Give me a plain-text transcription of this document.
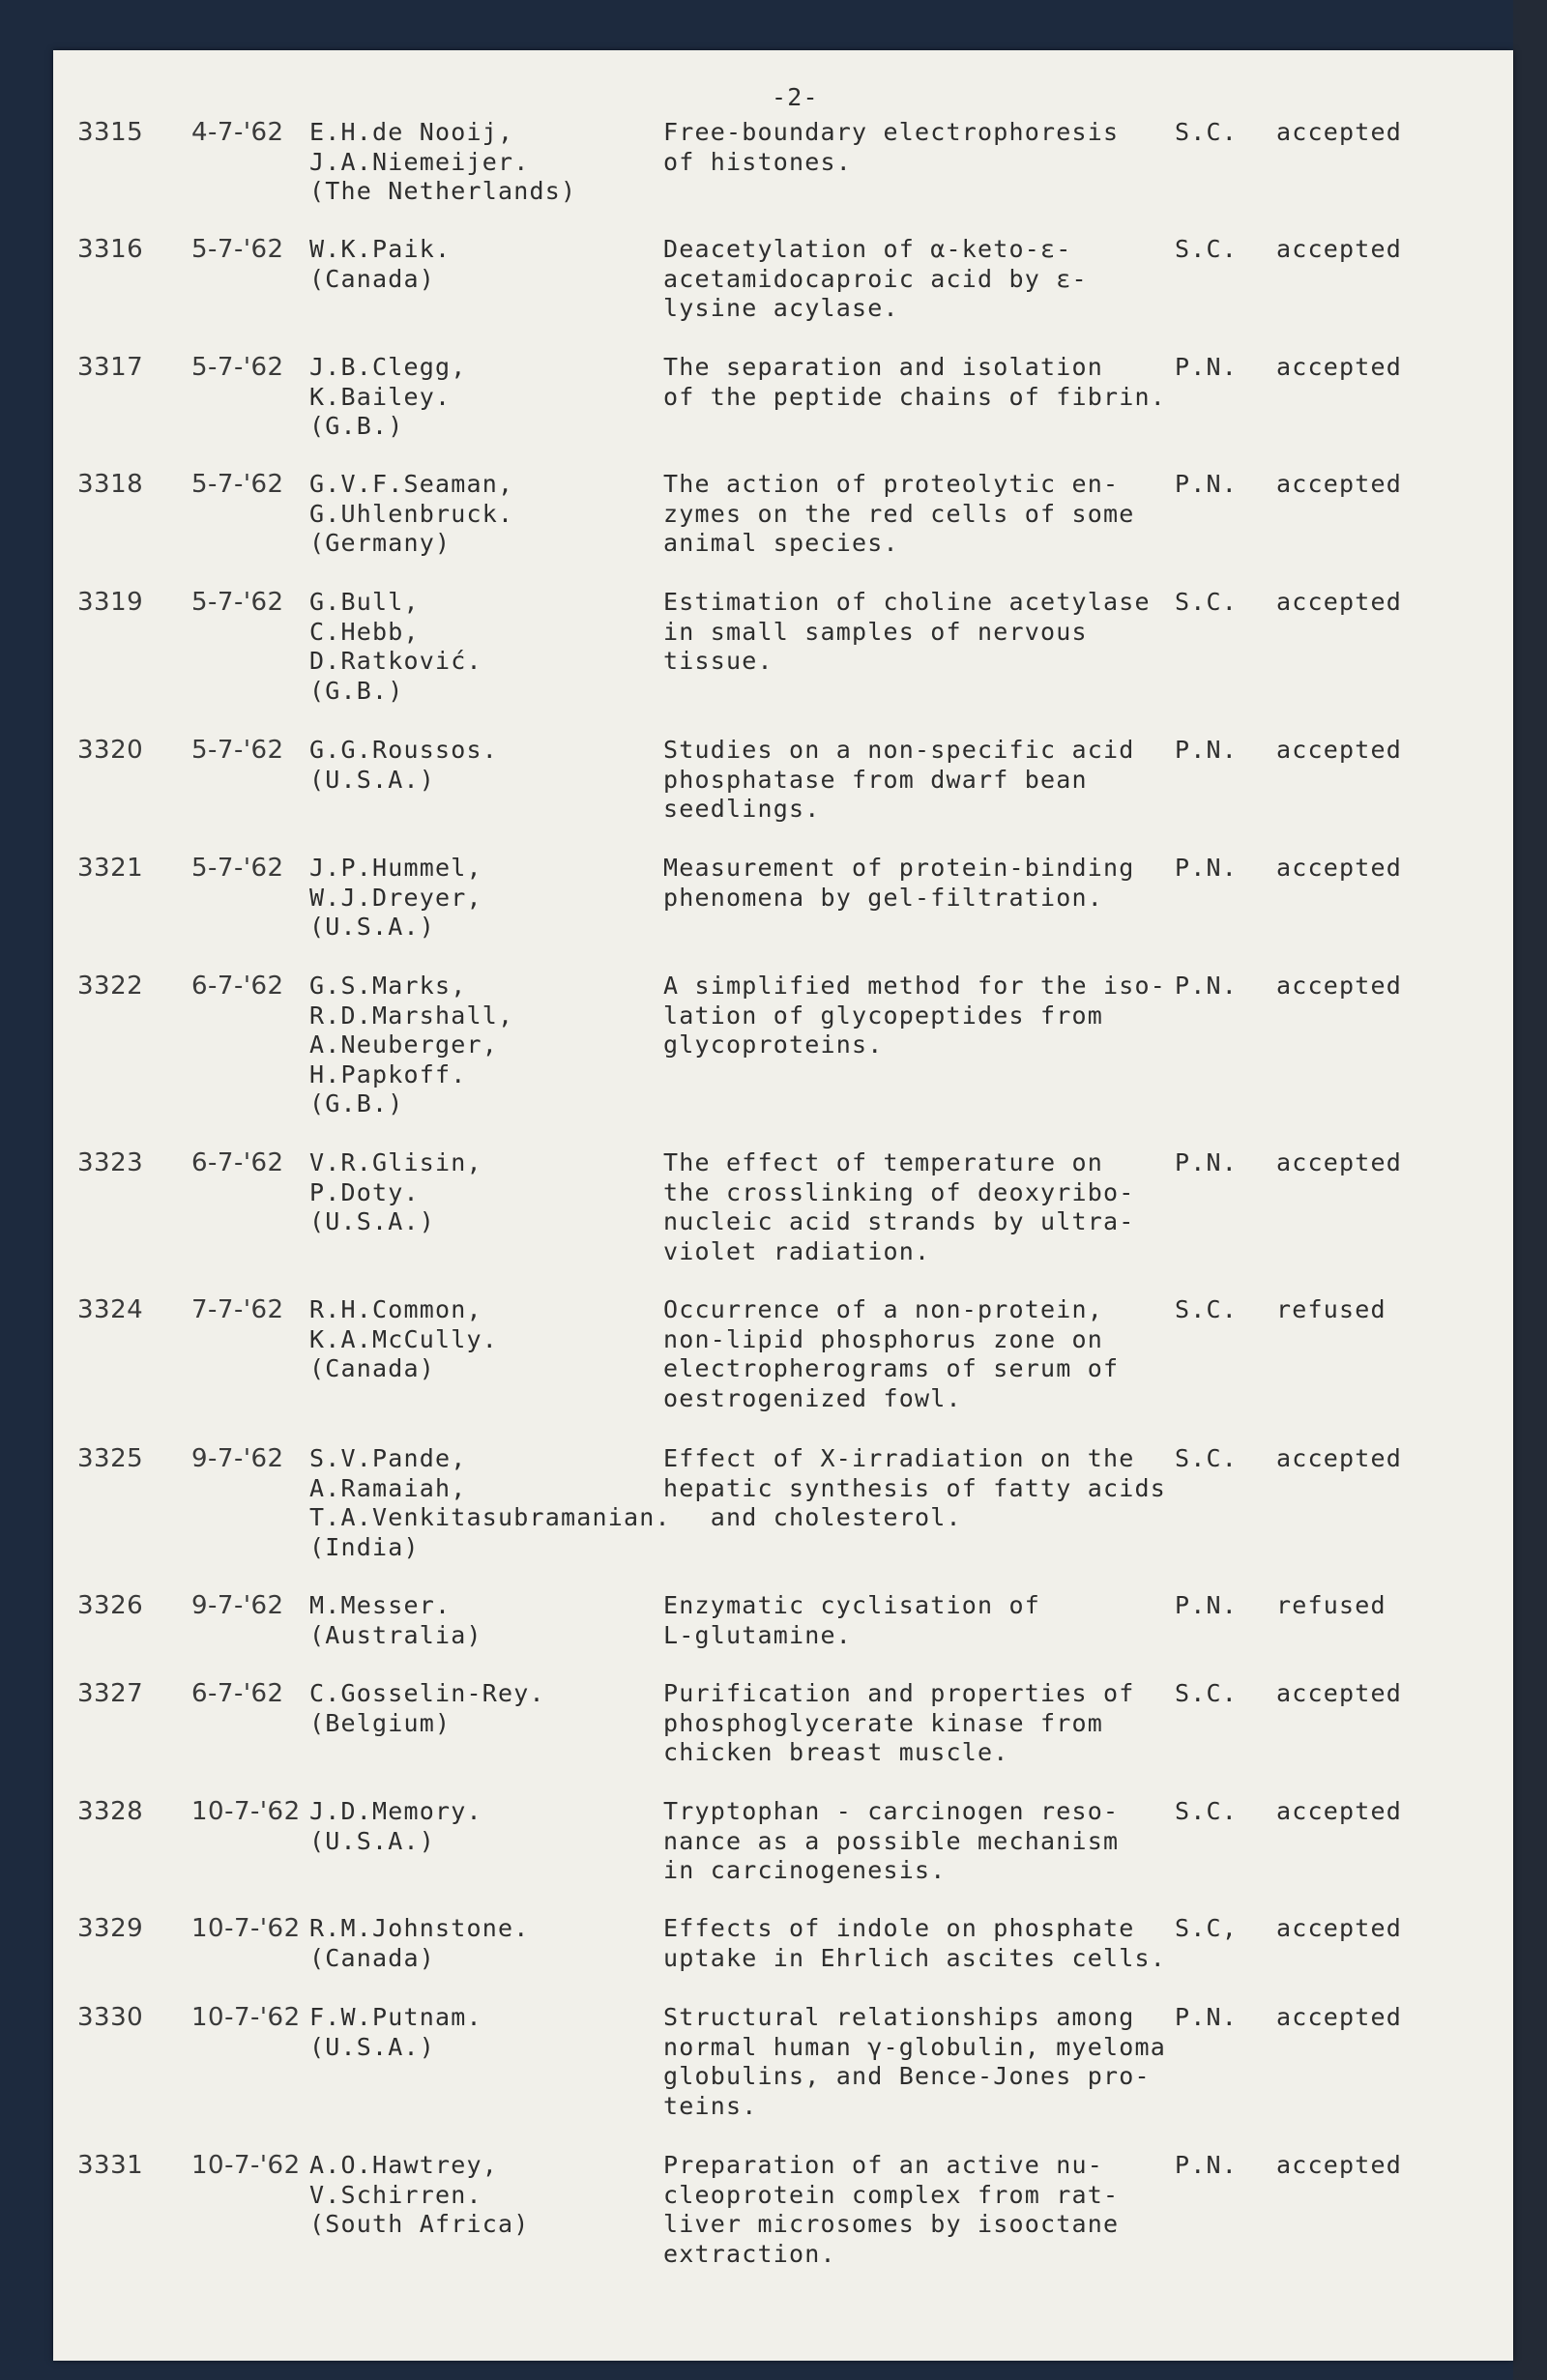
-2-
3315 4-7-'62 E.H.de Nooij,
J.A.Niemeijer.
(The Netherlands)
Free-boundary electrophoresis
of histones.
S.C. accepted
3316 5-7-'62 W.K.Paik.
(Canada)
Deacetylation of α-keto-ε-
acetamidocaproic acid by ε-
lysine acylase.
S.C. accepted
3317 5-7-'62 J.B.Clegg,
K.Bailey.
(G.B.)
The separation and isolation
of the peptide chains of fibrin.
P.N. accepted
3318 5-7-'62 G.V.F.Seaman,
G.Uhlenbruck.
(Germany)
The action of proteolytic en-
zymes on the red cells of some
animal species.
P.N. accepted
3319 5-7-'62 G.Bull,
C.Hebb,
D.Ratković.
(G.B.)
Estimation of choline acetylase
in small samples of nervous
tissue.
S.C. accepted
3320 5-7-'62 G.G.Roussos.
(U.S.A.)
Studies on a non-specific acid
phosphatase from dwarf bean
seedlings.
P.N. accepted
3321 5-7-'62 J.P.Hummel,
W.J.Dreyer,
(U.S.A.)
Measurement of protein-binding
phenomena by gel-filtration.
P.N. accepted
3322 6-7-'62 G.S.Marks,
R.D.Marshall,
A.Neuberger,
H.Papkoff.
(G.B.)
A simplified method for the iso-
lation of glycopeptides from
glycoproteins.
P.N. accepted
3323 6-7-'62 V.R.Glisin,
P.Doty.
(U.S.A.)
The effect of temperature on
the crosslinking of deoxyribo-
nucleic acid strands by ultra-
violet radiation.
P.N. accepted
3324 7-7-'62 R.H.Common,
K.A.McCully.
(Canada)
Occurrence of a non-protein,
non-lipid phosphorus zone on
electropherograms of serum of
oestrogenized fowl.
S.C. refused
3325 9-7-'62 S.V.Pande,
A.Ramaiah,
T.A.Venkitasubramanian.
(India)
Effect of X-irradiation on the
hepatic synthesis of fatty acids
and cholesterol.
S.C. accepted
3326 9-7-'62 M.Messer.
(Australia)
Enzymatic cyclisation of
L-glutamine.
P.N. refused
3327 6-7-'62 C.Gosselin-Rey.
(Belgium)
Purification and properties of
phosphoglycerate kinase from
chicken breast muscle.
S.C. accepted
3328 10-7-'62 J.D.Memory.
(U.S.A.)
Tryptophan - carcinogen reso-
nance as a possible mechanism
in carcinogenesis.
S.C. accepted
3329 10-7-'62 R.M.Johnstone.
(Canada)
Effects of indole on phosphate
uptake in Ehrlich ascites cells.
S.C, accepted
3330 10-7-'62 F.W.Putnam.
(U.S.A.)
Structural relationships among
normal human γ-globulin, myeloma
globulins, and Bence-Jones pro-
teins.
P.N. accepted
3331 10-7-'62 A.O.Hawtrey,
V.Schirren.
(South Africa)
Preparation of an active nu-
cleoprotein complex from rat-
liver microsomes by isooctane
extraction.
P.N. accepted
